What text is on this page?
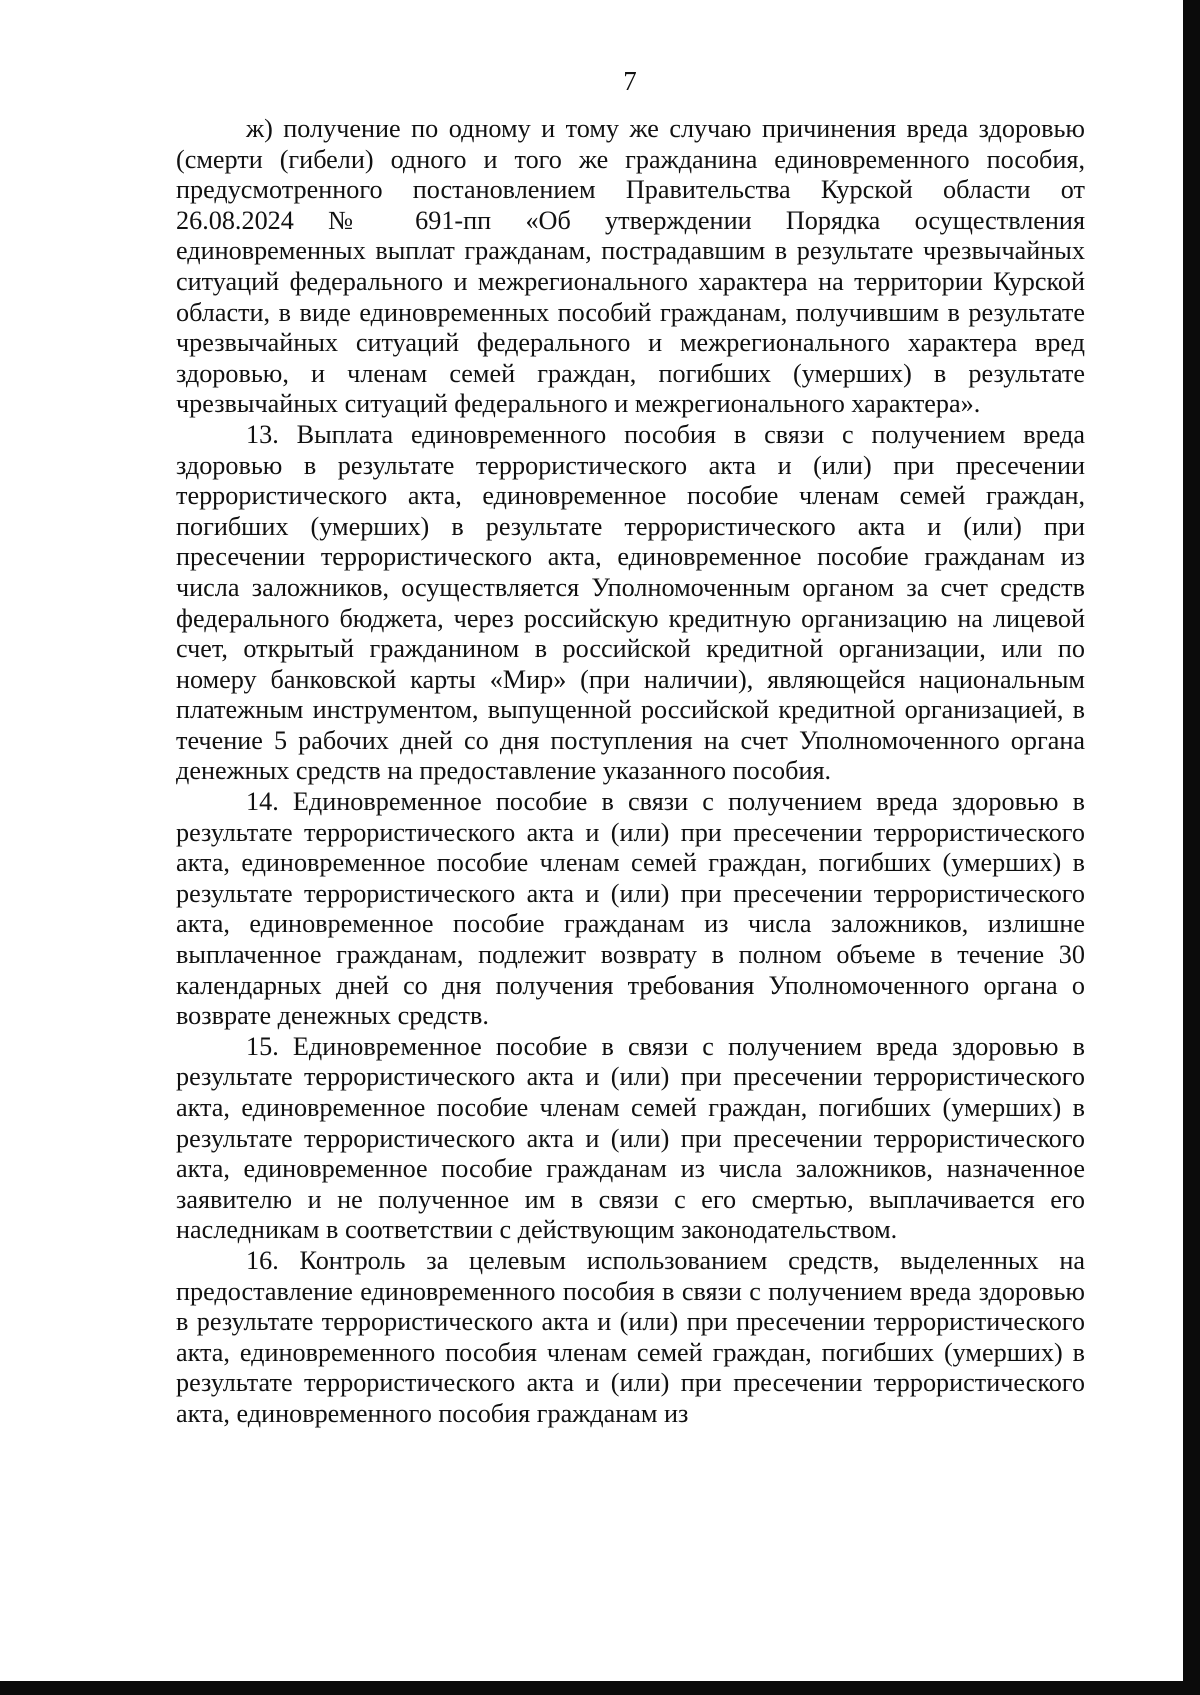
7

ж) получение по одному и тому же случаю причинения вреда здоровью (смерти (гибели) одного и того же гражданина единовременного пособия, предусмотренного постановлением Правительства Курской области от 26.08.2024 № 691-пп «Об утверждении Порядка осуществления единовременных выплат гражданам, пострадавшим в результате чрезвычайных ситуаций федерального и межрегионального характера на территории Курской области, в виде единовременных пособий гражданам, получившим в результате чрезвычайных ситуаций федерального и межрегионального характера вред здоровью, и членам семей граждан, погибших (умерших) в результате чрезвычайных ситуаций федерального и межрегионального характера».

13. Выплата единовременного пособия в связи с получением вреда здоровью в результате террористического акта и (или) при пресечении террористического акта, единовременное пособие членам семей граждан, погибших (умерших) в результате террористического акта и (или) при пресечении террористического акта, единовременное пособие гражданам из числа заложников, осуществляется Уполномоченным органом за счет средств федерального бюджета, через российскую кредитную организацию на лицевой счет, открытый гражданином в российской кредитной организации, или по номеру банковской карты «Мир» (при наличии), являющейся национальным платежным инструментом, выпущенной российской кредитной организацией, в течение 5 рабочих дней со дня поступления на счет Уполномоченного органа денежных средств на предоставление указанного пособия.

14. Единовременное пособие в связи с получением вреда здоровью в результате террористического акта и (или) при пресечении террористического акта, единовременное пособие членам семей граждан, погибших (умерших) в результате террористического акта и (или) при пресечении террористического акта, единовременное пособие гражданам из числа заложников, излишне выплаченное гражданам, подлежит возврату в полном объеме в течение 30 календарных дней со дня получения требования Уполномоченного органа о возврате денежных средств.

15. Единовременное пособие в связи с получением вреда здоровью в результате террористического акта и (или) при пресечении террористического акта, единовременное пособие членам семей граждан, погибших (умерших) в результате террористического акта и (или) при пресечении террористического акта, единовременное пособие гражданам из числа заложников, назначенное заявителю и не полученное им в связи с его смертью, выплачивается его наследникам в соответствии с действующим законодательством.

16. Контроль за целевым использованием средств, выделенных на предоставление единовременного пособия в связи с получением вреда здоровью в результате террористического акта и (или) при пресечении террористического акта, единовременного пособия членам семей граждан, погибших (умерших) в результате террористического акта и (или) при пресечении террористического акта, единовременного пособия гражданам из
